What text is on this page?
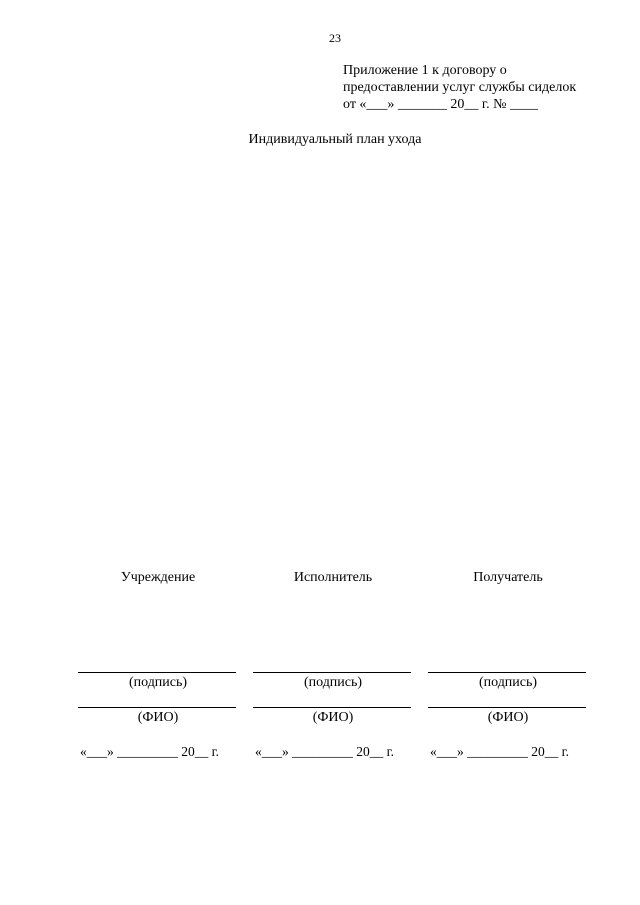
23
Приложение 1 к договору о
предоставлении услуг службы сиделок
от «___» _______ 20__ г. № ____
Индивидуальный план ухода
Учреждение
(подпись)
(ФИО)
«___» _________ 20__ г.
Исполнитель
(подпись)
(ФИО)
«___» _________ 20__ г.
Получатель
(подпись)
(ФИО)
«___» _________ 20__ г.
